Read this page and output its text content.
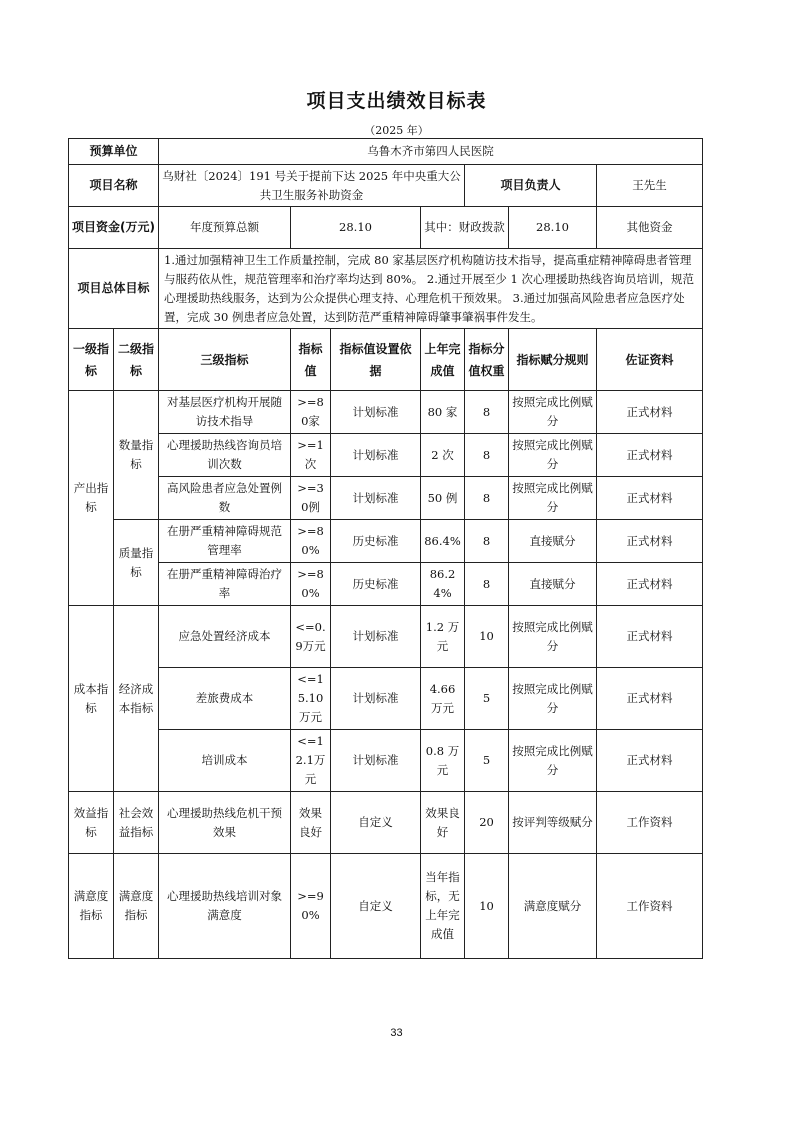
项目支出绩效目标表
（2025 年）
预算单位		乌鲁木齐市第四人民医院						
项目名称		乌财社〔2024〕191 号关于提前下达 2025 年中央重大公共卫生服务补助资金				项目负责人		王先生
项目资金(万元)		年度预算总额	28.10		其中：财政拨款		28.10	其他资金
项目总体目标		1.通过加强精神卫生工作质量控制，完成 80 家基层医疗机构随访技术指导，提高重症精神障碍患者管理与服药依从性，规范管理率和治疗率均达到 80%。 2.通过开展至少 1 次心理援助热线咨询员培训，规范心理援助热线服务，达到为公众提供心理支持、心理危机干预效果。 3.通过加强高风险患者应急医疗处置，完成 30 例患者应急处置，达到防范严重精神障碍肇事肇祸事件发生。						
一级指标	二级指标	三级指标	指标值	指标值设置依据	上年完成值	指标分值权重	指标赋分规则	佐证资料
产出指标	数量指标	对基层医疗机构开展随访技术指导	>=80家	计划标准	80 家	8	按照完成比例赋分	正式材料
		心理援助热线咨询员培训次数	>=1次	计划标准	2 次	8	按照完成比例赋分	正式材料
		高风险患者应急处置例数	>=30例	计划标准	50 例	8	按照完成比例赋分	正式材料
	质量指标	在册严重精神障碍规范管理率	>=80%	历史标准	86.4%	8	直接赋分	正式材料
		在册严重精神障碍治疗率	>=80%	历史标准	86.24%	8	直接赋分	正式材料
成本指标	经济成本指标	应急处置经济成本	<=0.9万元	计划标准	1.2 万元	10	按照完成比例赋分	正式材料
		差旅费成本	<=15.10万元	计划标准	4.66万元	5	按照完成比例赋分	正式材料
		培训成本	<=12.1万元	计划标准	0.8 万元	5	按照完成比例赋分	正式材料
效益指标	社会效益指标	心理援助热线危机干预效果	效果良好	自定义	效果良好	20	按评判等级赋分	工作资料
满意度指标	满意度指标	心理援助热线培训对象满意度	>=90%	自定义	当年指标，无上年完成值	10	满意度赋分	工作资料
33
